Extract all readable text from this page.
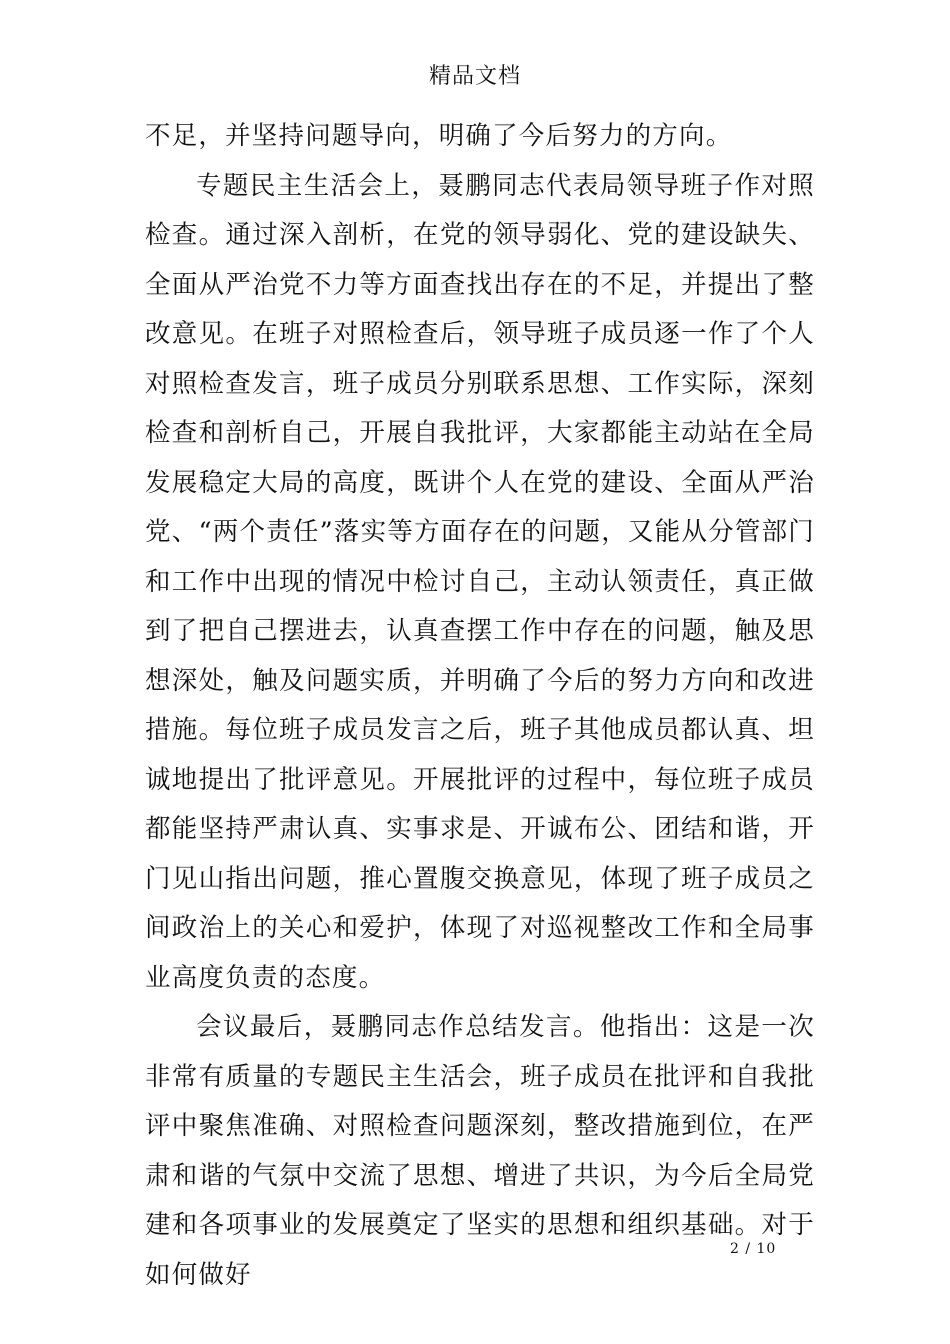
精品文档

不足，并坚持问题导向，明确了今后努力的方向。

专题民主生活会上，聂鹏同志代表局领导班子作对照检查。通过深入剖析，在党的领导弱化、党的建设缺失、全面从严治党不力等方面查找出存在的不足，并提出了整改意见。在班子对照检查后，领导班子成员逐一作了个人对照检查发言，班子成员分别联系思想、工作实际，深刻检查和剖析自己，开展自我批评，大家都能主动站在全局发展稳定大局的高度，既讲个人在党的建设、全面从严治党、“两个责任”落实等方面存在的问题，又能从分管部门和工作中出现的情况中检讨自己，主动认领责任，真正做到了把自己摆进去，认真查摆工作中存在的问题，触及思想深处，触及问题实质，并明确了今后的努力方向和改进措施。每位班子成员发言之后，班子其他成员都认真、坦诚地提出了批评意见。开展批评的过程中，每位班子成员都能坚持严肃认真、实事求是、开诚布公、团结和谐，开门见山指出问题，推心置腹交换意见，体现了班子成员之间政治上的关心和爱护，体现了对巡视整改工作和全局事业高度负责的态度。

会议最后，聂鹏同志作总结发言。他指出：这是一次非常有质量的专题民主生活会，班子成员在批评和自我批评中聚焦准确、对照检查问题深刻，整改措施到位，在严肃和谐的气氛中交流了思想、增进了共识，为今后全局党建和各项事业的发展奠定了坚实的思想和组织基础。对于如何做好

2 / 10
